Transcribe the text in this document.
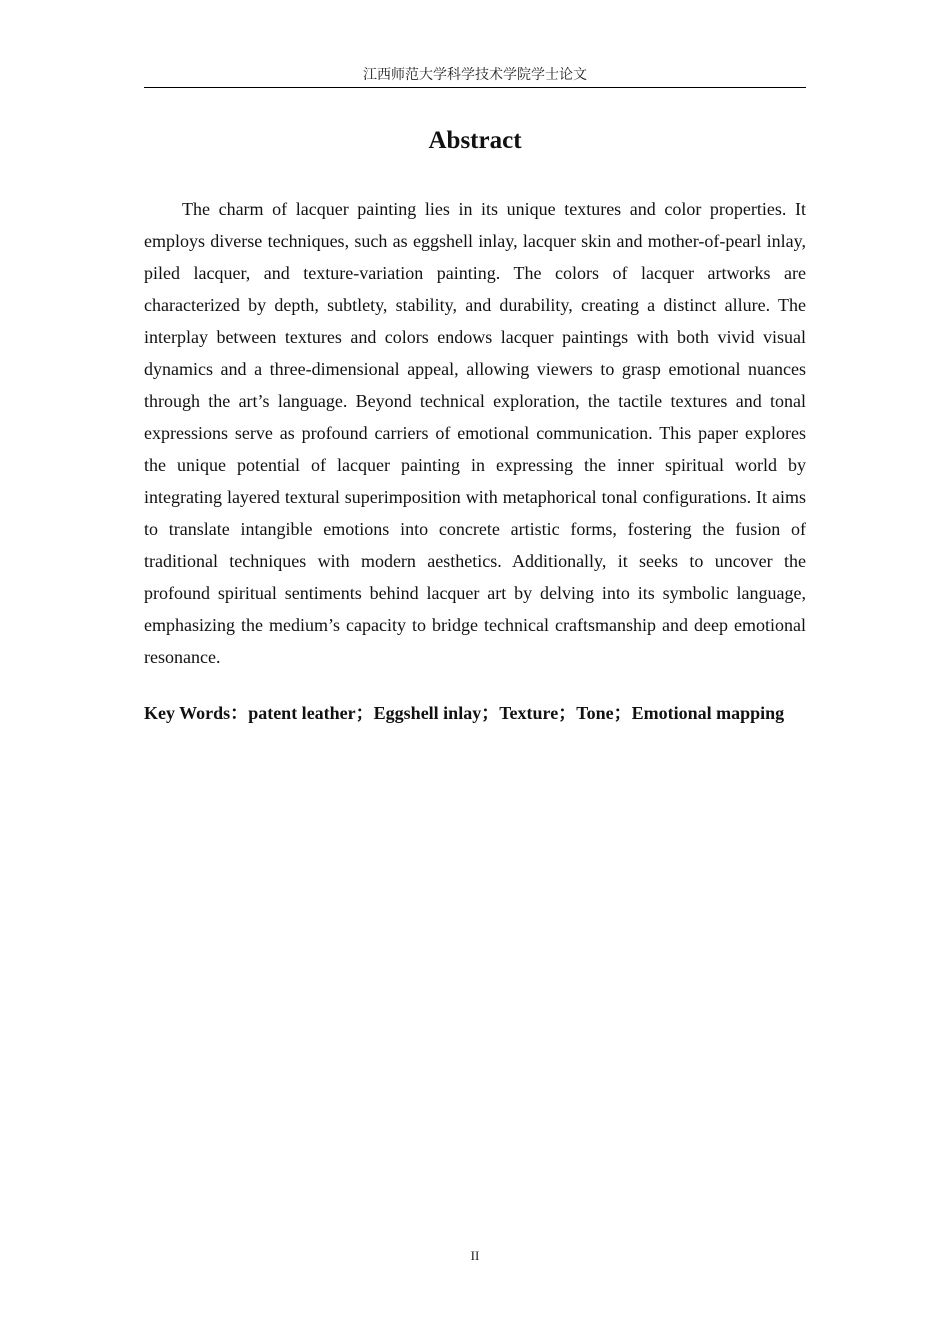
江西师范大学科学技术学院学士论文
Abstract

The charm of lacquer painting lies in its unique textures and color properties. It employs diverse techniques, such as eggshell inlay, lacquer skin and mother-of-pearl inlay, piled lacquer, and texture-variation painting. The colors of lacquer artworks are characterized by depth, subtlety, stability, and durability, creating a distinct allure. The interplay between textures and colors endows lacquer paintings with both vivid visual dynamics and a three-dimensional appeal, allowing viewers to grasp emotional nuances through the art’s language. Beyond technical exploration, the tactile textures and tonal expressions serve as profound carriers of emotional communication. This paper explores the unique potential of lacquer painting in expressing the inner spiritual world by integrating layered textural superimposition with metaphorical tonal configurations. It aims to translate intangible emotions into concrete artistic forms, fostering the fusion of traditional techniques with modern aesthetics. Additionally, it seeks to uncover the profound spiritual sentiments behind lacquer art by delving into its symbolic language, emphasizing the medium’s capacity to bridge technical craftsmanship and deep emotional resonance.

Key Words：patent leather；Eggshell inlay；Texture；Tone；Emotional mapping

II
